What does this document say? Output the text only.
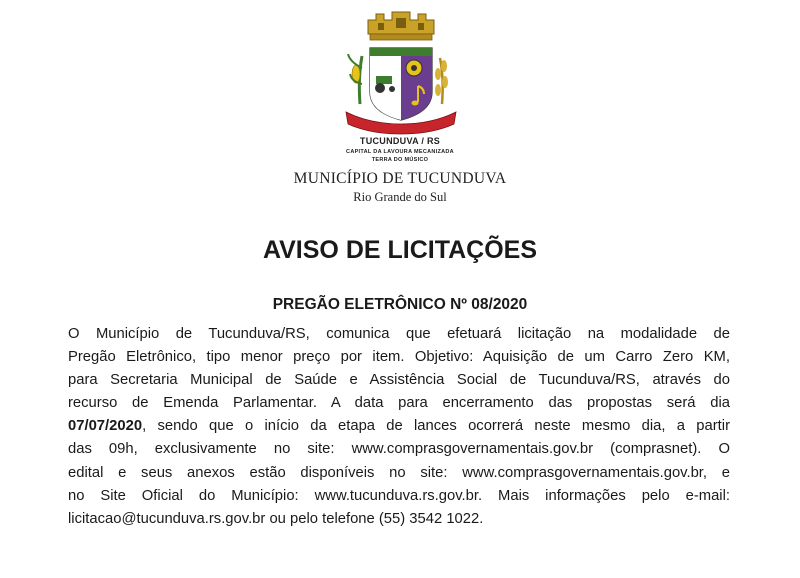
TUCUNDUVA / RS
CAPITAL DA LAVOURA MECANIZADA
TERRA DO MÚSICO
MUNICÍPIO DE TUCUNDUVA
Rio Grande do Sul
AVISO DE LICITAÇÕES
PREGÃO ELETRÔNICO Nº 08/2020
O Município de Tucunduva/RS, comunica que efetuará licitação na modalidade de
Pregão Eletrônico, tipo menor preço por item. Objetivo: Aquisição de um Carro Zero KM,
para Secretaria Municipal de Saúde e Assistência Social de Tucunduva/RS, através do
recurso de Emenda Parlamentar. A data para encerramento das propostas será dia
07/07/2020, sendo que o início da etapa de lances ocorrerá neste mesmo dia, a partir
das 09h, exclusivamente no site: www.comprasgovernamentais.gov.br (comprasnet). O
edital e seus anexos estão disponíveis no site: www.comprasgovernamentais.gov.br, e
no Site Oficial do Município: www.tucunduva.rs.gov.br. Mais informações pelo e-mail:
licitacao@tucunduva.rs.gov.br ou pelo telefone (55) 3542 1022.
